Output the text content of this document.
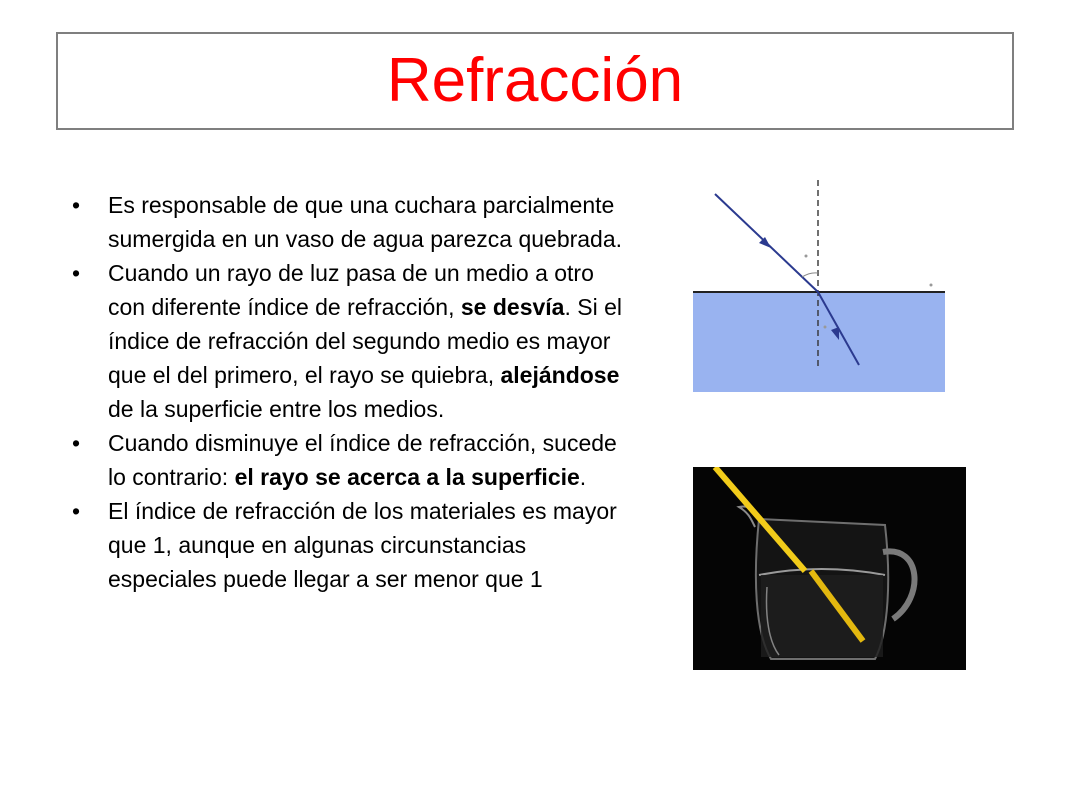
Refracción
• Es responsable de que una cuchara parcialmente sumergida en un vaso de agua parezca quebrada.
• Cuando un rayo de luz pasa de un medio a otro con diferente índice de refracción, se desvía. Si el índice de refracción del segundo medio es mayor que el del primero, el rayo se quiebra, alejándose de la superficie entre los medios.
• Cuando disminuye el índice de refracción, sucede lo contrario: el rayo se acerca a la superficie.
• El índice de refracción de los materiales es mayor que 1, aunque en algunas circunstancias especiales puede llegar a ser menor que 1
